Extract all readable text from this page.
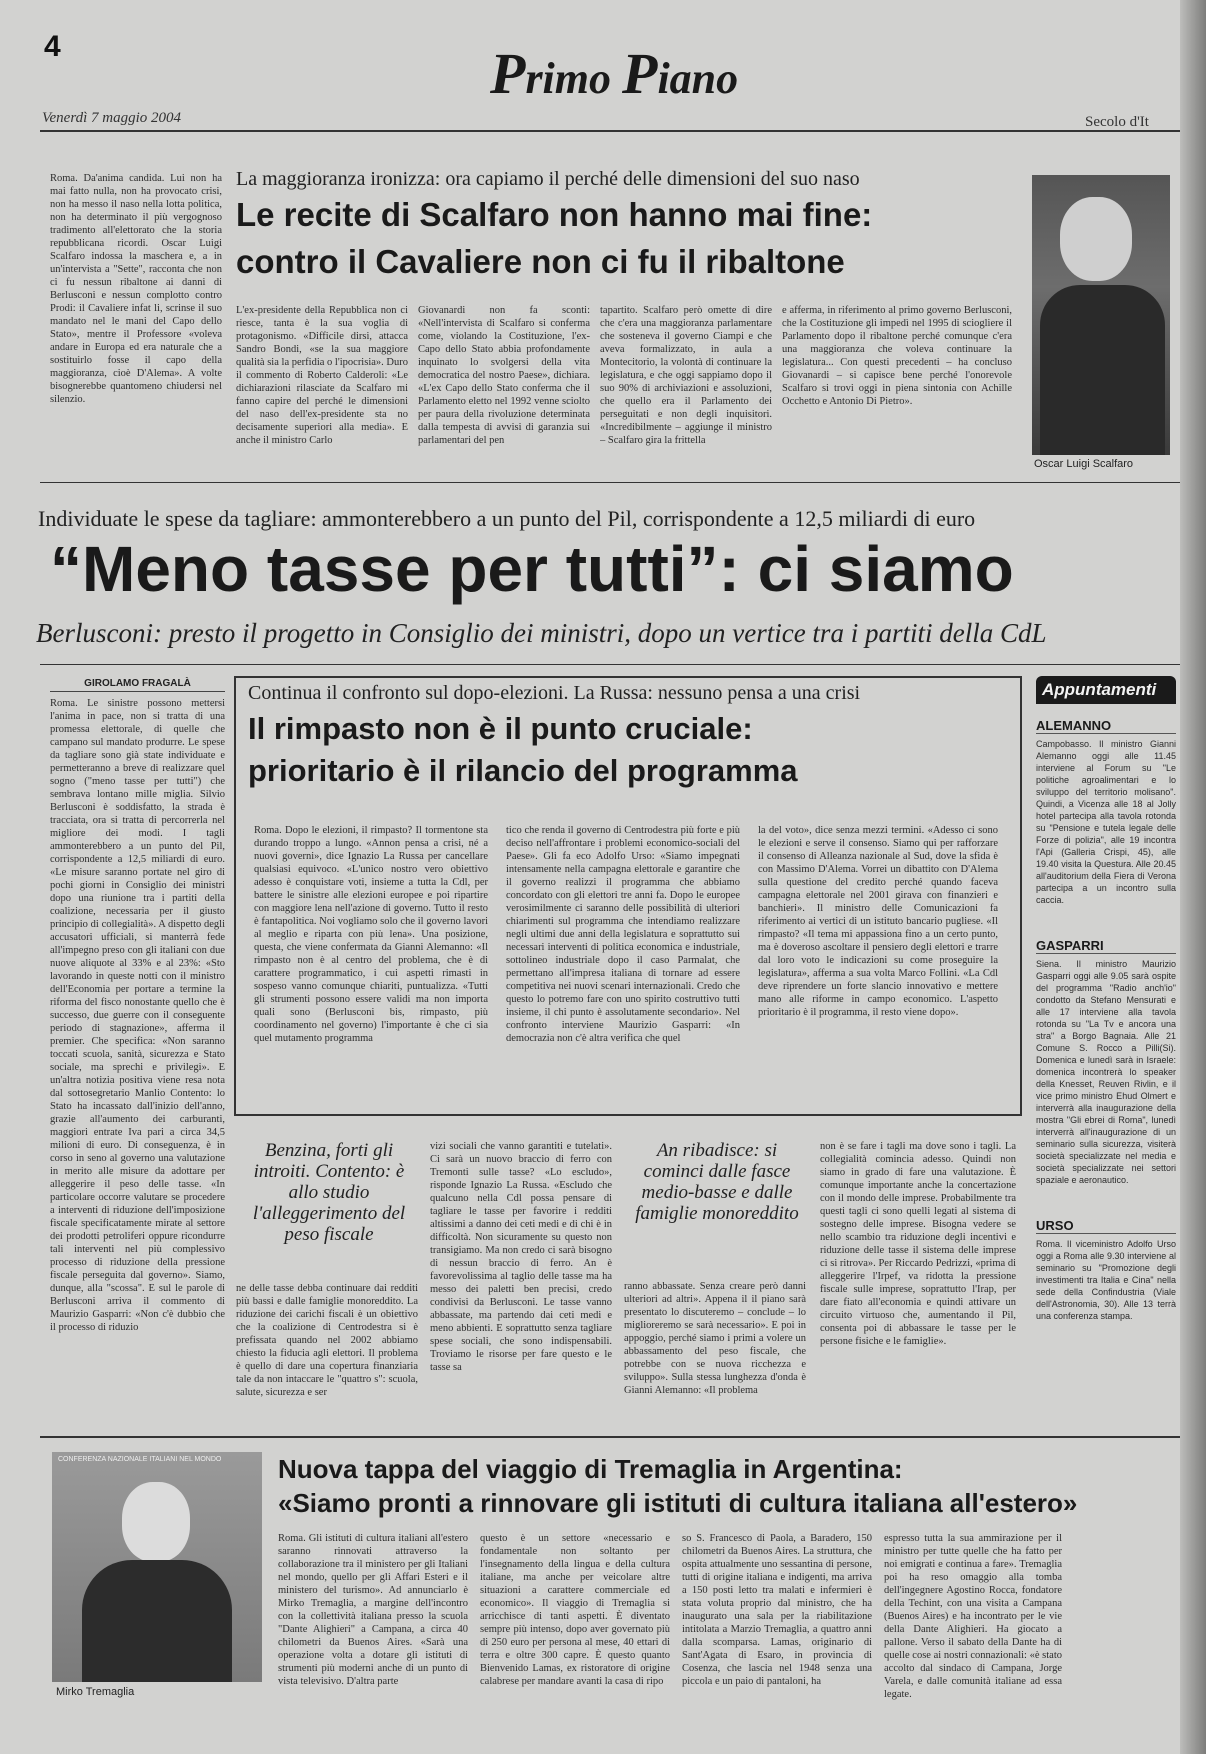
4	Primo Piano
Venerdì 7 maggio 2004	Secolo d'It
Roma. Da'anima candida. Lui non ha mai fatto nulla, non ha provocato crisi, non ha messo il naso nella lotta politica, non ha determinato il più vergognoso tradimento all'elettorato che la storia repubblicana ricordi. Oscar Luigi Scalfaro indossa la maschera e, a in un'intervista a "Sette", racconta che non ci fu nessun ribaltone ai danni di Berlusconi e nessun complotto contro Prodi: il Cavaliere infat li, scrinse il suo mandato nel le mani del Capo dello Stato», mentre il Professore «voleva andare in Europa ed era naturale che a sostituirlo fosse il capo della maggioranza, cioè D'Alema». A volte bisognerebbe quantomeno chiudersi nel silenzio.
La maggioranza ironizza: ora capiamo il perché delle dimensioni del suo naso
Le recite di Scalfaro non hanno mai fine:
contro il Cavaliere non ci fu il ribaltone
L'ex-presidente della Repubblica non ci riesce, tanta è la sua voglia di protagonismo. «Difficile dirsi, attacca Sandro Bondi, «se la sua maggiore qualità sia la perfidia o l'ipocrisia». Duro il commento di Roberto Calderoli: «Le dichiarazioni rilasciate da Scalfaro mi fanno capire del perché le dimensioni del naso dell'ex-presidente sta no decisamente superiori alla media». E anche il ministro Carlo
Giovanardi non fa sconti: «Nell'intervista di Scalfaro si conferma come, violando la Costituzione, l'ex-Capo dello Stato abbia profondamente inquinato lo svolgersi della vita democratica del nostro Paese», dichiara. «L'ex Capo dello Stato conferma che il Parlamento eletto nel 1992 venne sciolto per paura della rivoluzione determinata dalla tempesta di avvisi di garanzia sui parlamentari del pen
tapartito. Scalfaro però omette di dire che c'era una maggioranza parlamentare che sosteneva il governo Ciampi e che aveva formalizzato, in aula a Montecitorio, la volontà di continuare la legislatura, e che oggi sappiamo dopo il suo 90% di archiviazioni e assoluzioni, che quello era il Parlamento dei perseguitati e non degli inquisitori. «Incredibilmente – aggiunge il ministro – Scalfaro gira la frittella
e afferma, in riferimento al primo governo Berlusconi, che la Costituzione gli impedì nel 1995 di sciogliere il Parlamento dopo il ribaltone perché comunque c'era una maggioranza che voleva continuare la legislatura... Con questi precedenti – ha concluso Giovanardi – si capisce bene perché l'onorevole Scalfaro si trovi oggi in piena sintonia con Achille Occhetto e Antonio Di Pietro».
Oscar Luigi Scalfaro
Individuate le spese da tagliare: ammonterebbero a un punto del Pil, corrispondente a 12,5 miliardi di euro
“Meno tasse per tutti”: ci siamo
Berlusconi: presto il progetto in Consiglio dei ministri, dopo un vertice tra i partiti della CdL
GIROLAMO FRAGALÀ
Roma. Le sinistre possono mettersi l'anima in pace, non si tratta di una promessa elettorale, di quelle che campano sul mandato produrre. Le spese da tagliare sono già state individuate e permetteranno a breve di realizzare quel sogno ("meno tasse per tutti") che sembrava lontano mille miglia. Silvio Berlusconi è soddisfatto, la strada è tracciata, ora si tratta di percorrerla nel migliore dei modi. I tagli ammonterebbero a un punto del Pil, corrispondente a 12,5 miliardi di euro. «Le misure saranno portate nel giro di pochi giorni in Consiglio dei ministri dopo una riunione tra i partiti della coalizione, necessaria per il giusto principio di collegialità». A dispetto degli accusatori ufficiali, si manterrà fede all'impegno preso con gli italiani con due nuove aliquote al 33% e al 23%: «Sto lavorando in queste notti con il ministro dell'Economia per portare a termine la riforma del fisco nonostante quello che è successo, due guerre con il conseguente periodo di stagnazione», afferma il premier. Che specifica: «Non saranno toccati scuola, sanità, sicurezza e Stato sociale, ma sprechi e privilegi». E un'altra notizia positiva viene resa nota dal sottosegretario Manlio Contento: lo Stato ha incassato dall'inizio dell'anno, grazie all'aumento dei carburanti, maggiori entrate Iva pari a circa 34,5 milioni di euro. Di conseguenza, è in corso in seno al governo una valutazione in merito alle misure da adottare per alleggerire il peso delle tasse. «In particolare occorre valutare se procedere a interventi di riduzione dell'imposizione fiscale specificatamente mirate al settore dei prodotti petroliferi oppure ricondurre tali interventi nel più complessivo processo di riduzione della pressione fiscale perseguita dal governo». Siamo, dunque, alla "scossa". E sul le parole di Berlusconi arriva il commento di Maurizio Gasparri: «Non c'è dubbio che il processo di riduzio
Continua il confronto sul dopo-elezioni. La Russa: nessuno pensa a una crisi
Il rimpasto non è il punto cruciale:
prioritario è il rilancio del programma
Roma. Dopo le elezioni, il rimpasto? Il tormentone sta durando troppo a lungo. «Annon pensa a crisi, né a nuovi governi», dice Ignazio La Russa per cancellare qualsiasi equivoco. «L'unico nostro vero obiettivo adesso è conquistare voti, insieme a tutta la Cdl, per battere le sinistre alle elezioni europee e poi ripartire con maggiore lena nell'azione di governo. Tutto il resto è fantapolitica. Noi vogliamo solo che il governo lavori al meglio e riparta con più lena». Una posizione, questa, che viene confermata da Gianni Alemanno: «Il rimpasto non è al centro del problema, che è di carattere programmatico, i cui aspetti rimasti in sospeso vanno comunque chiariti, puntualizza. «Tutti gli strumenti possono essere validi ma non importa quali sono (Berlusconi bis, rimpasto, più coordinamento nel governo) l'importante è che ci sia quel mutamento programma
tico che renda il governo di Centrodestra più forte e più deciso nell'affrontare i problemi economico-sociali del Paese». Gli fa eco Adolfo Urso: «Siamo impegnati intensamente nella campagna elettorale e garantire che il governo realizzi il programma che abbiamo concordato con gli elettori tre anni fa. Dopo le europee verosimilmente ci saranno delle possibilità di ulteriori chiarimenti sul programma che intendiamo realizzare negli ultimi due anni della legislatura e soprattutto sui necessari interventi di politica economica e industriale, sottolineo industriale dopo il caso Parmalat, che permettano all'impresa italiana di tornare ad essere competitiva nei nuovi scenari internazionali. Credo che questo lo potremo fare con uno spirito costruttivo tutti insieme, il chi punto è assolutamente secondario». Nel confronto interviene Maurizio Gasparri: «In democrazia non c'è altra verifica che quel
la del voto», dice senza mezzi termini. «Adesso ci sono le elezioni e serve il consenso. Siamo qui per rafforzare il consenso di Alleanza nazionale al Sud, dove la sfida è con Massimo D'Alema. Vorrei un dibattito con D'Alema sulla questione del credito perché quando faceva campagna elettorale nel 2001 girava con finanzieri e banchieri». Il ministro delle Comunicazioni fa riferimento ai vertici di un istituto bancario pugliese. «Il rimpasto? «Il tema mi appassiona fino a un certo punto, ma è doveroso ascoltare il pensiero degli elettori e trarre dal loro voto le indicazioni su come proseguire la legislatura», afferma a sua volta Marco Follini. «La Cdl deve riprendere un forte slancio innovativo e mettere mano alle riforme in campo economico. L'aspetto prioritario è il programma, il resto viene dopo».
Benzina, forti gli introiti. Contento: è allo studio l'alleggerimento del peso fiscale
ne delle tasse debba continuare dai redditi più bassi e dalle famiglie monoreddito. La riduzione dei carichi fiscali è un obiettivo che la coalizione di Centrodestra si è prefissata quando nel 2002 abbiamo chiesto la fiducia agli elettori. Il problema è quello di dare una copertura finanziaria tale da non intaccare le "quattro s": scuola, salute, sicurezza e ser
vizi sociali che vanno garantiti e tutelati». Ci sarà un nuovo braccio di ferro con Tremonti sulle tasse? «Lo escludo», risponde Ignazio La Russa. «Escludo che qualcuno nella Cdl possa pensare di tagliare le tasse per favorire i redditi altissimi a danno dei ceti medi e di chi è in difficoltà. Non sicuramente su questo non transigiamo. Ma non credo ci sarà bisogno di nessun braccio di ferro. An è favorevolissima al taglio delle tasse ma ha messo dei paletti ben precisi, credo condivisi da Berlusconi. Le tasse vanno abbassate, ma partendo dai ceti medi e meno abbienti. E soprattutto senza tagliare spese sociali, che sono indispensabili. Troviamo le risorse per fare questo e le tasse sa
An ribadisce: si cominci dalle fasce medio-basse e dalle famiglie monoreddito
ranno abbassate. Senza creare però danni ulteriori ad altri». Appena il il piano sarà presentato lo discuteremo – conclude – lo miglioreremo se sarà necessario». E poi in appoggio, perché siamo i primi a volere un abbassamento del peso fiscale, che potrebbe con se nuova ricchezza e sviluppo». Sulla stessa lunghezza d'onda è Gianni Alemanno: «Il problema
non è se fare i tagli ma dove sono i tagli. La collegialità comincia adesso. Quindi non siamo in grado di fare una valutazione. È comunque importante anche la concertazione con il mondo delle imprese. Probabilmente tra questi tagli ci sono quelli legati al sistema di sostegno delle imprese. Bisogna vedere se nello scambio tra riduzione degli incentivi e riduzione delle tasse il sistema delle imprese ci si ritrova». Per Riccardo Pedrizzi, «prima di alleggerire l'Irpef, va ridotta la pressione fiscale sulle imprese, soprattutto l'Irap, per dare fiato all'economia e quindi attivare un circuito virtuoso che, aumentando il Pil, consenta poi di abbassare le tasse per le persone fisiche e le famiglie».
Appuntamenti
ALEMANNO
Campobasso. Il ministro Gianni Alemanno oggi alle 11.45 interviene al Forum su "Le politiche agroalimentari e lo sviluppo del territorio molisano". Quindi, a Vicenza alle 18 al Jolly hotel partecipa alla tavola rotonda su "Pensione e tutela legale delle Forze di polizia", alle 19 incontra l'Api (Galleria Crispi, 45), alle 19.40 visita la Questura. Alle 20.45 all'auditorium della Fiera di Verona partecipa a un incontro sulla caccia.
GASPARRI
Siena. Il ministro Maurizio Gasparri oggi alle 9.05 sarà ospite del programma "Radio anch'io" condotto da Stefano Mensurati e alle 17 interviene alla tavola rotonda su "La Tv e ancora una stra" a Borgo Bagnaia. Alle 21 Comune S. Rocco a Pilli(Si). Domenica e lunedì sarà in Israele: domenica incontrerà lo speaker della Knesset, Reuven Rivlin, e il vice primo ministro Ehud Olmert e interverrà alla inaugurazione della mostra "Gli ebrei di Roma", lunedì interverrà all'inaugurazione di un seminario sulla sicurezza, visiterà società specializzate nel media e società specializzate nei settori spaziale e aeronautico.
URSO
Roma. Il viceministro Adolfo Urso oggi a Roma alle 9.30 interviene al seminario su "Promozione degli investimenti tra Italia e Cina" nella sede della Confindustria (Viale dell'Astronomia, 30). Alle 13 terrà una conferenza stampa.
CONFERENZA NAZIONALE ITALIANI NEL MONDO
Mirko Tremaglia
Nuova tappa del viaggio di Tremaglia in Argentina:
«Siamo pronti a rinnovare gli istituti di cultura italiana all'estero»
Roma. Gli istituti di cultura italiani all'estero saranno rinnovati attraverso la collaborazione tra il ministero per gli Italiani nel mondo, quello per gli Affari Esteri e il ministero del turismo». Ad annunciarlo è Mirko Tremaglia, a margine dell'incontro con la collettività italiana presso la scuola "Dante Alighieri" a Campana, a circa 40 chilometri da Buenos Aires. «Sarà una operazione volta a dotare gli istituti di strumenti più moderni anche di un punto di vista televisivo. D'altra parte
questo è un settore «necessario e fondamentale non soltanto per l'insegnamento della lingua e della cultura italiane, ma anche per veicolare altre situazioni a carattere commerciale ed economico». Il viaggio di Tremaglia si arricchisce di tanti aspetti. È diventato sempre più intenso, dopo aver governato più di 250 euro per persona al mese, 40 ettari di terra e oltre 300 capre. È questo quanto Bienvenido Lamas, ex ristoratore di origine calabrese per mandare avanti la casa di ripo
so S. Francesco di Paola, a Baradero, 150 chilometri da Buenos Aires. La struttura, che ospita attualmente uno sessantina di persone, tutti di origine italiana e indigenti, ma arriva a 150 posti letto tra malati e infermieri è stata voluta proprio dal ministro, che ha inaugurato una sala per la riabilitazione intitolata a Marzio Tremaglia, a quattro anni dalla scomparsa. Lamas, originario di Sant'Agata di Esaro, in provincia di Cosenza, che lascia nel 1948 senza una piccola e un paio di pantaloni, ha
espresso tutta la sua ammirazione per il ministro per tutte quelle che ha fatto per noi emigrati e continua a fare». Tremaglia poi ha reso omaggio alla tomba dell'ingegnere Agostino Rocca, fondatore della Techint, con una visita a Campana (Buenos Aires) e ha incontrato per le vie della Dante Alighieri. Ha giocato a pallone. Verso il sabato della Dante ha di quelle cose ai nostri connazionali: «è stato accolto dal sindaco di Campana, Jorge Varela, e dalle comunità italiane ad essa legate.
